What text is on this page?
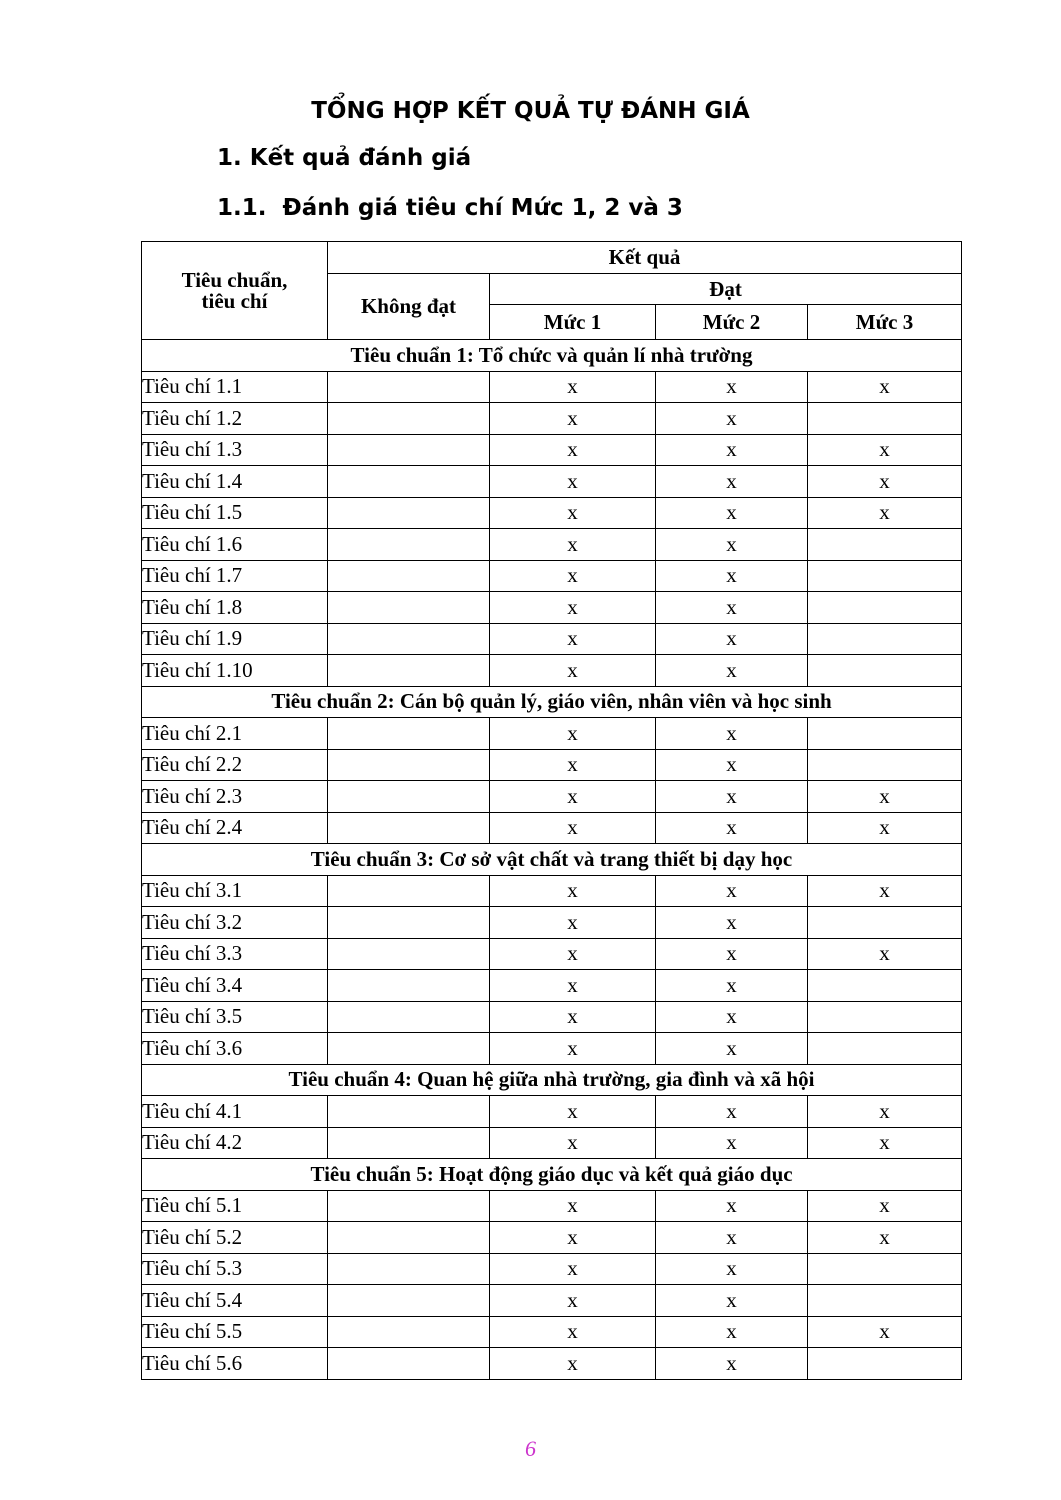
TỔNG HỢP KẾT QUẢ TỰ ĐÁNH GIÁ
1. Kết quả đánh giá
1.1.  Đánh giá tiêu chí Mức 1, 2 và 3
Tiêu chuẩn, tiêu chí	Kết quả			
	Không đạt	Đạt		
		Mức 1	Mức 2	Mức 3
Tiêu chuẩn 1: Tổ chức và quản lí nhà trường				
Tiêu chí 1.1		x	x	x
Tiêu chí 1.2		x	x	
Tiêu chí 1.3		x	x	x
Tiêu chí 1.4		x	x	x
Tiêu chí 1.5		x	x	x
Tiêu chí 1.6		x	x	
Tiêu chí 1.7		x	x	
Tiêu chí 1.8		x	x	
Tiêu chí 1.9		x	x	
Tiêu chí 1.10		x	x	
Tiêu chuẩn 2: Cán bộ quản lý, giáo viên, nhân viên và học sinh				
Tiêu chí 2.1		x	x	
Tiêu chí 2.2		x	x	
Tiêu chí 2.3		x	x	x
Tiêu chí 2.4		x	x	x
Tiêu chuẩn 3: Cơ sở vật chất và trang thiết bị dạy học				
Tiêu chí 3.1		x	x	x
Tiêu chí 3.2		x	x	
Tiêu chí 3.3		x	x	x
Tiêu chí 3.4		x	x	
Tiêu chí 3.5		x	x	
Tiêu chí 3.6		x	x	
Tiêu chuẩn 4: Quan hệ giữa nhà trường, gia đình và xã hội				
Tiêu chí 4.1		x	x	x
Tiêu chí 4.2		x	x	x
Tiêu chuẩn 5: Hoạt động giáo dục và kết quả giáo dục				
Tiêu chí 5.1		x	x	x
Tiêu chí 5.2		x	x	x
Tiêu chí 5.3		x	x	
Tiêu chí 5.4		x	x	
Tiêu chí 5.5		x	x	x
Tiêu chí 5.6		x	x	
6
